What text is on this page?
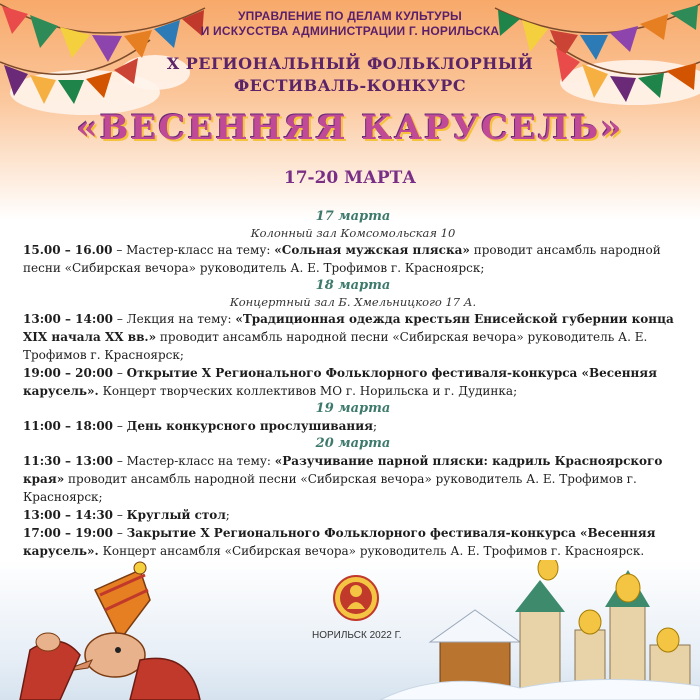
УПРАВЛЕНИЕ ПО ДЕЛАМ КУЛЬТУРЫ
И ИСКУССТВА АДМИНИСТРАЦИИ Г. НОРИЛЬСКА
X РЕГИОНАЛЬНЫЙ ФОЛЬКЛОРНЫЙ
ФЕСТИВАЛЬ-КОНКУРС
«ВЕСЕННЯЯ КАРУСЕЛЬ»
17-20 МАРТА
17 марта
Колонный зал Комсомольская 10

15.00 – 16.00 – Мастер-класс на тему: «Сольная мужская пляска» проводит ансамбль народной песни «Сибирская вечора» руководитель А. Е. Трофимов г. Красноярск;

18 марта
Концертный зал Б. Хмельницкого 17 А.

13:00 – 14:00 – Лекция на тему: «Традиционная одежда крестьян Енисейской губернии конца XIX начала XX вв.» проводит ансамбль народной песни «Сибирская вечора» руководитель А. Е. Трофимов г. Красноярск;

19:00 – 20:00 – Открытие X Регионального Фольклорного фестиваля-конкурса «Весенняя карусель». Концерт творческих коллективов МО г. Норильска и г. Дудинка;

19 марта

11:00 – 18:00 – День конкурсного прослушивания;

20 марта

11:30 – 13:00 – Мастер-класс на тему: «Разучивание парной пляски: кадриль Красноярского края» проводит ансамбль народной песни «Сибирская вечора» руководитель А. Е. Трофимов г. Красноярск;

13:00 – 14:30 – Круглый стол;

17:00 – 19:00 – Закрытие X Регионального Фольклорного фестиваля-конкурса «Весенняя карусель». Концерт ансамбля «Сибирская вечора» руководитель А. Е. Трофимов г. Красноярск.

НОРИЛЬСК 2022 Г.
